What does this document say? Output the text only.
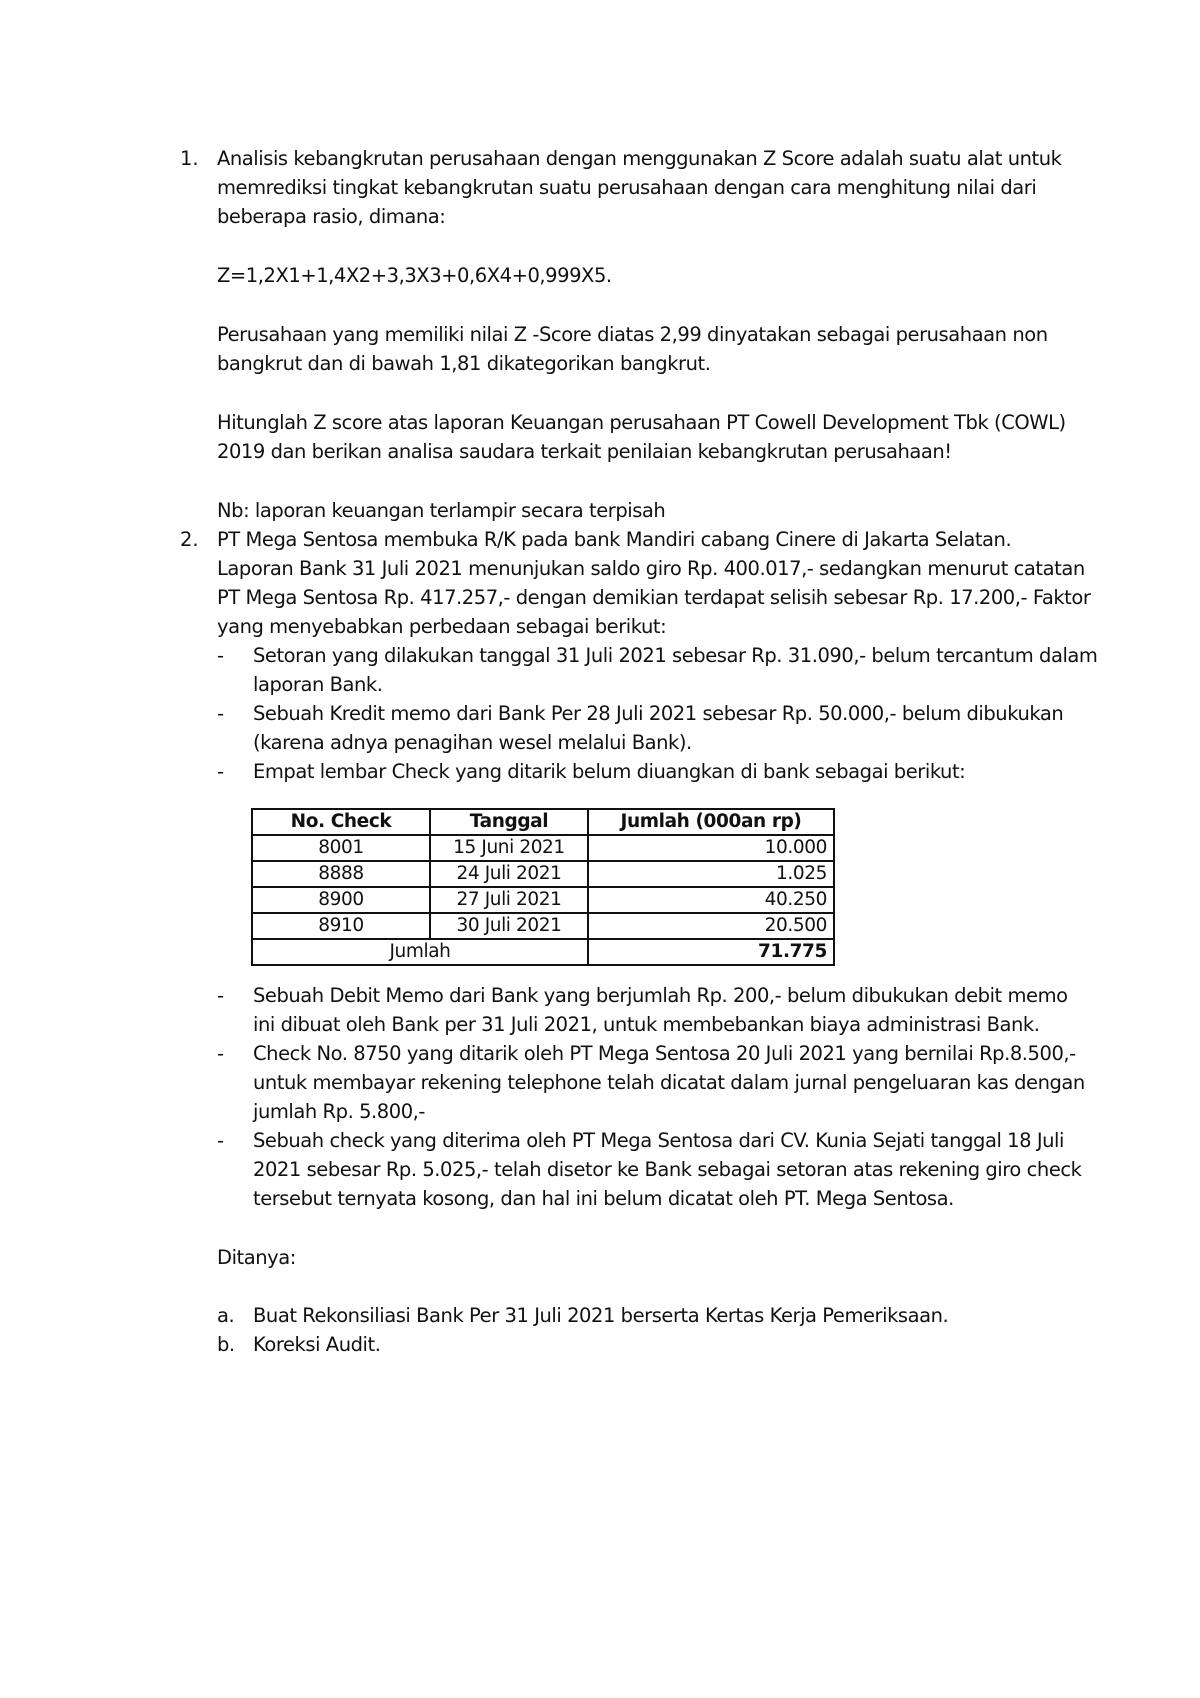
1. Analisis kebangkrutan perusahaan dengan menggunakan Z Score adalah suatu alat untuk
memrediksi tingkat kebangkrutan suatu perusahaan dengan cara menghitung nilai dari
beberapa rasio, dimana:
Z=1,2X1+1,4X2+3,3X3+0,6X4+0,999X5.
Perusahaan yang memiliki nilai Z -Score diatas 2,99 dinyatakan sebagai perusahaan non
bangkrut dan di bawah 1,81 dikategorikan bangkrut.
Hitunglah Z score atas laporan Keuangan perusahaan PT Cowell Development Tbk (COWL)
2019 dan berikan analisa saudara terkait penilaian kebangkrutan perusahaan!
Nb: laporan keuangan terlampir secara terpisah
2. PT Mega Sentosa membuka R/K pada bank Mandiri cabang Cinere di Jakarta Selatan.
Laporan Bank 31 Juli 2021 menunjukan saldo giro Rp. 400.017,- sedangkan menurut catatan
PT Mega Sentosa Rp. 417.257,- dengan demikian terdapat selisih sebesar Rp. 17.200,- Faktor
yang menyebabkan perbedaan sebagai berikut:
- Setoran yang dilakukan tanggal 31 Juli 2021 sebesar Rp. 31.090,- belum tercantum dalam
laporan Bank.
- Sebuah Kredit memo dari Bank Per 28 Juli 2021 sebesar Rp. 50.000,- belum dibukukan
(karena adnya penagihan wesel melalui Bank).
- Empat lembar Check yang ditarik belum diuangkan di bank sebagai berikut:
No. Check	Tanggal	Jumlah (000an rp)
8001	15 Juni 2021	10.000
8888	24 Juli 2021	1.025
8900	27 Juli 2021	40.250
8910	30 Juli 2021	20.500
Jumlah		71.775
- Sebuah Debit Memo dari Bank yang berjumlah Rp. 200,- belum dibukukan debit memo
ini dibuat oleh Bank per 31 Juli 2021, untuk membebankan biaya administrasi Bank.
- Check No. 8750 yang ditarik oleh PT Mega Sentosa 20 Juli 2021 yang bernilai Rp.8.500,-
untuk membayar rekening telephone telah dicatat dalam jurnal pengeluaran kas dengan
jumlah Rp. 5.800,-
- Sebuah check yang diterima oleh PT Mega Sentosa dari CV. Kunia Sejati tanggal 18 Juli
2021 sebesar Rp. 5.025,- telah disetor ke Bank sebagai setoran atas rekening giro check
tersebut ternyata kosong, dan hal ini belum dicatat oleh PT. Mega Sentosa.
Ditanya:
a. Buat Rekonsiliasi Bank Per 31 Juli 2021 berserta Kertas Kerja Pemeriksaan.
b. Koreksi Audit.
